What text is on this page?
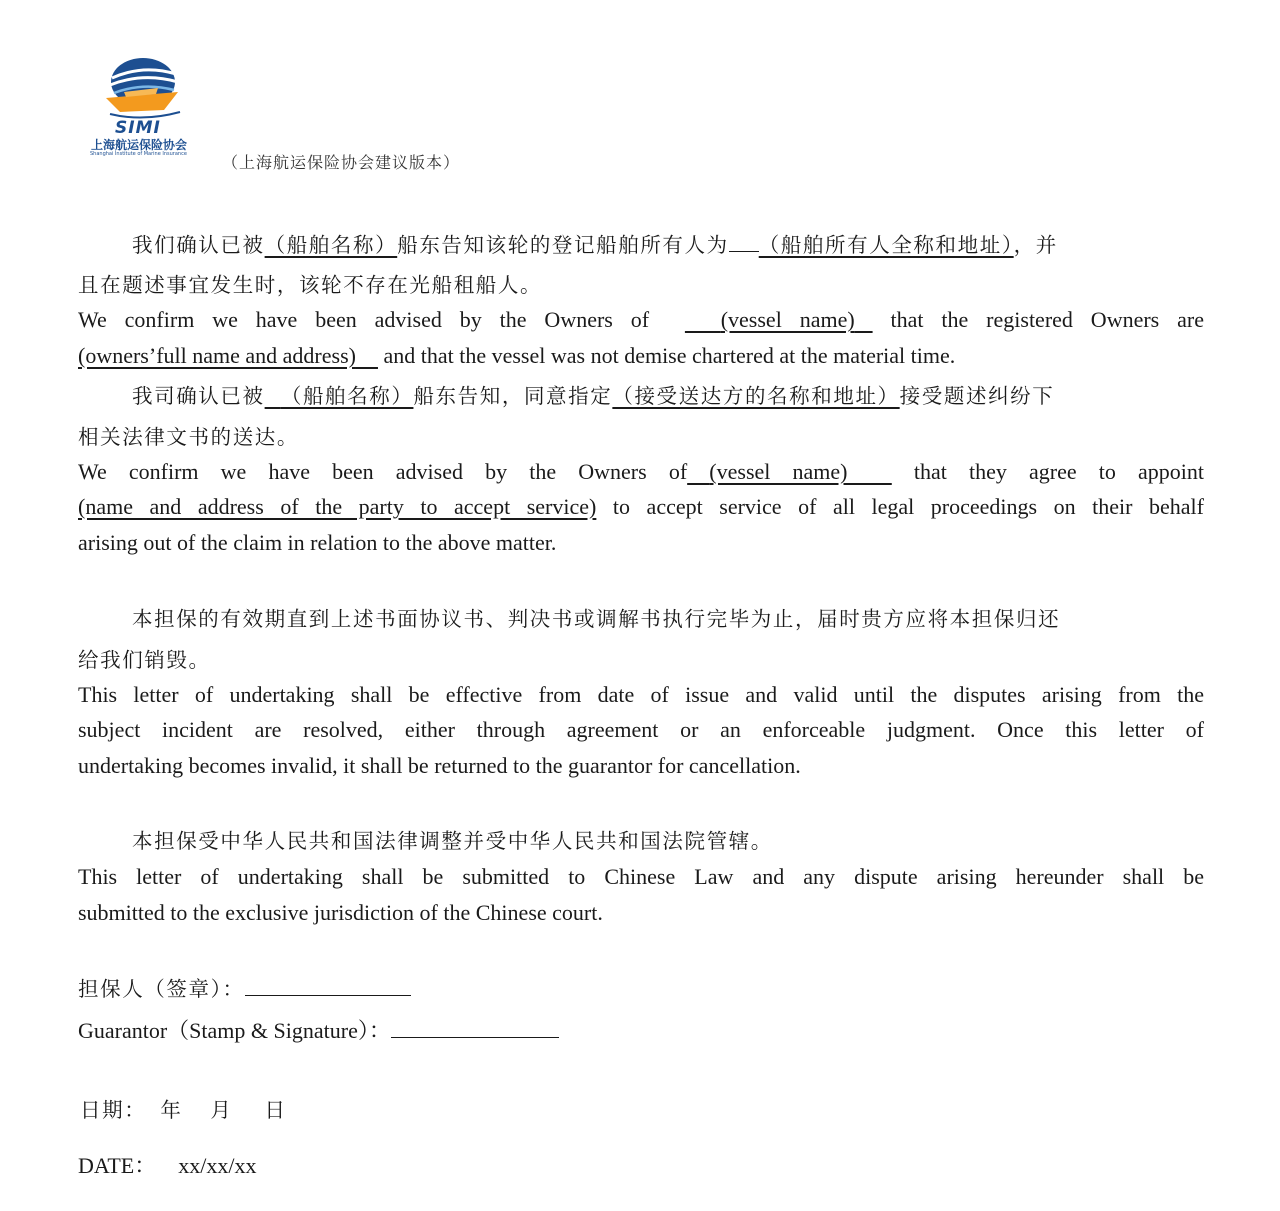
SIMI
上海航运保险协会
Shanghai Institute of Marine Insurance （上海航运保险协会建议版本）
我们确认已被（船舶名称）船东告知该轮的登记船舶所有人为 （船舶所有人全称和地址），并
且在题述事宜发生时，该轮不存在光船租船人。
We confirm we have been advised by the Owners of	(vessel name) that the registered Owners are
(owners’full name and address) and that the vessel was not demise chartered at the material time.
我司确认已被 （船舶名称）船东告知，同意指定（接受送达方的名称和地址）接受题述纠纷下
相关法律文书的送达。
We confirm we have been advised by the Owners of (vessel name)	that they agree to appoint
(name and address of the party to accept service) to accept service of all legal proceedings on their behalf
arising out of the claim in relation to the above matter.
本担保的有效期直到上述书面协议书、判决书或调解书执行完毕为止，届时贵方应将本担保归还
给我们销毁。
This letter of undertaking shall be effective from date of issue and valid until the disputes arising from the
subject incident are resolved, either through agreement or an enforceable judgment. Once this letter of
undertaking becomes invalid, it shall be returned to the guarantor for cancellation.
本担保受中华人民共和国法律调整并受中华人民共和国法院管辖。
This letter of undertaking shall be submitted to Chinese Law and any dispute arising hereunder shall be
submitted to the exclusive jurisdiction of the Chinese court.
担保人（签章）：
Guarantor（Stamp & Signature）：
日期： 年 月 日
DATE： xx/xx/xx
